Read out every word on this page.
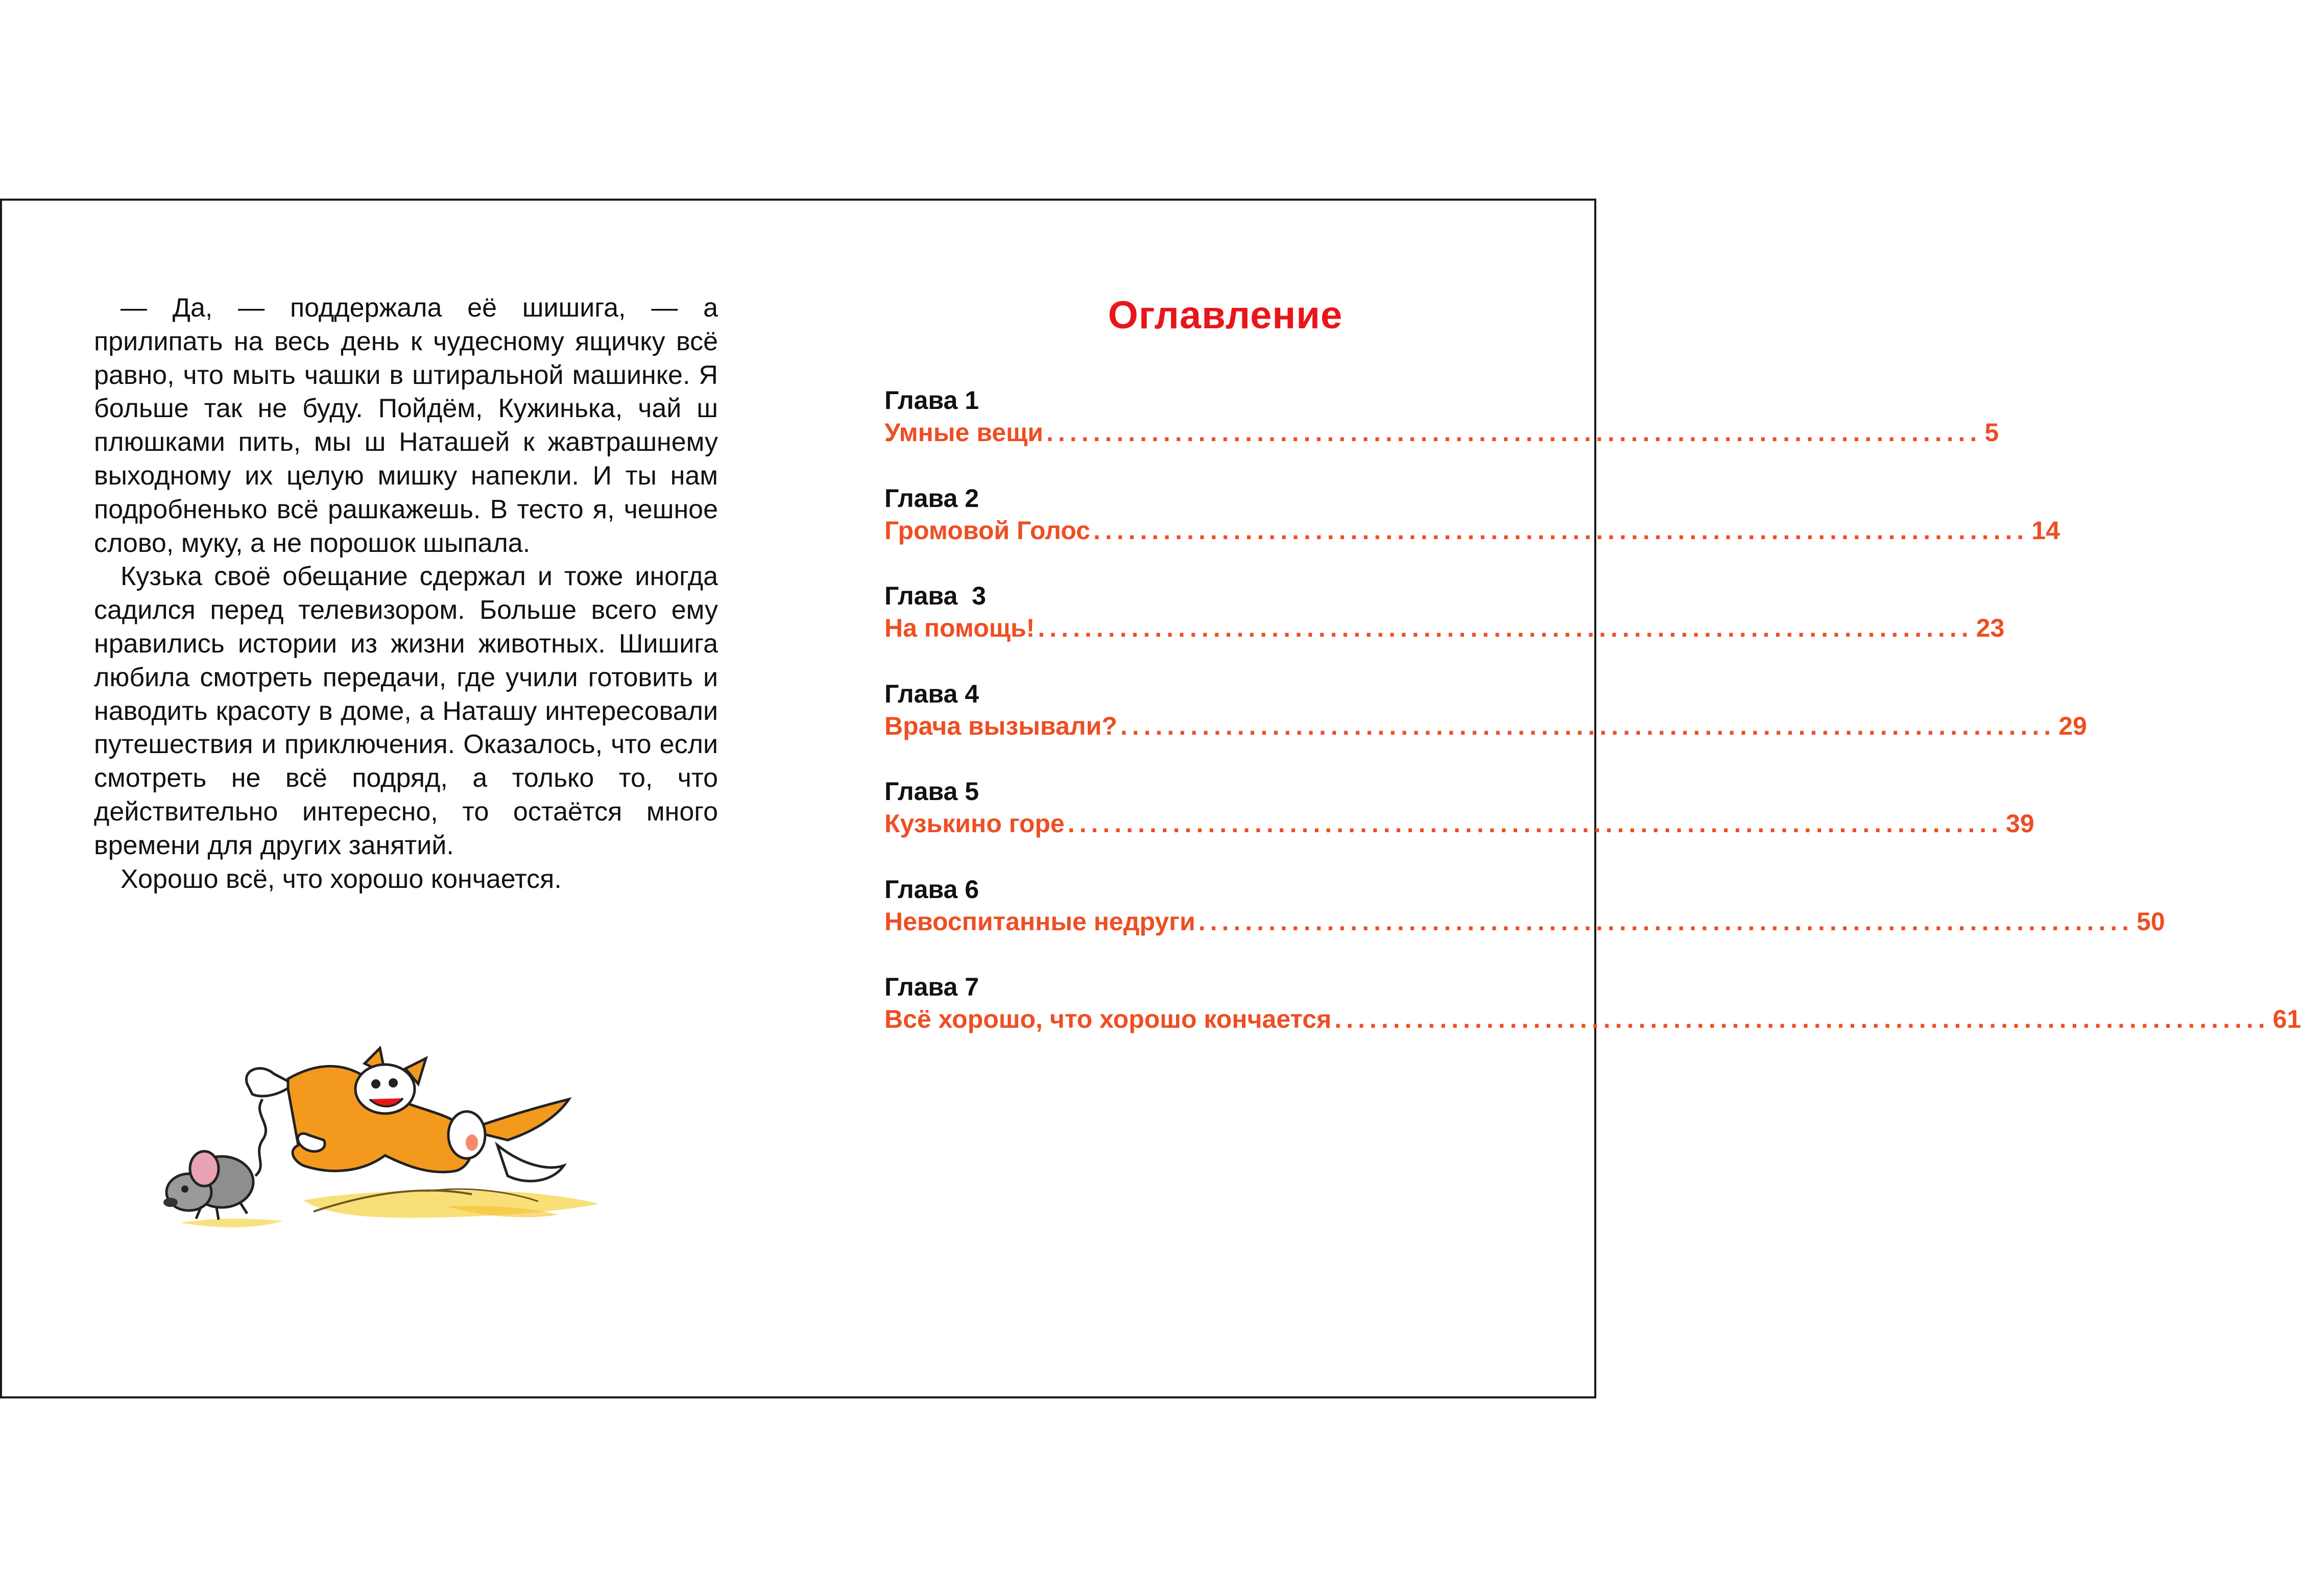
— Да, — поддержала её шишига, — а прилипать на весь день к чудесному ящичку всё равно, что мыть чашки в штиральной машинке. Я больше так не буду. Пойдём, Кужинька, чай ш плюшками пить, мы ш Наташей к жавтрашнему выходному их целую мишку напекли. И ты нам подробненько всё рашкажешь. В тесто я, чешное слово, муку, а не порошок шыпала.

Кузька своё обещание сдержал и тоже иногда садился перед телевизором. Больше всего ему нравились истории из жизни животных. Шишига любила смотреть передачи, где учили готовить и наводить красоту в доме, а Наташу интересовали путешествия и приключения. Оказалось, что если смотреть не всё подряд, а только то, что действительно интересно, то остаётся много времени для других занятий.

Хорошо всё, что хорошо кончается.

Оглавление
Глава 1
Умные вещи ................................................................................ 5
Глава 2
Громовой Голос ................................................................................ 14
Глава  3
На помощь! ................................................................................ 23
Глава 4
Врача вызывали? ................................................................................ 29
Глава 5
Кузькино горе ................................................................................ 39
Глава 6
Невоспитанные недруги ................................................................................ 50
Глава 7
Всё хорошо, что хорошо кончается ................................................................................ 61
